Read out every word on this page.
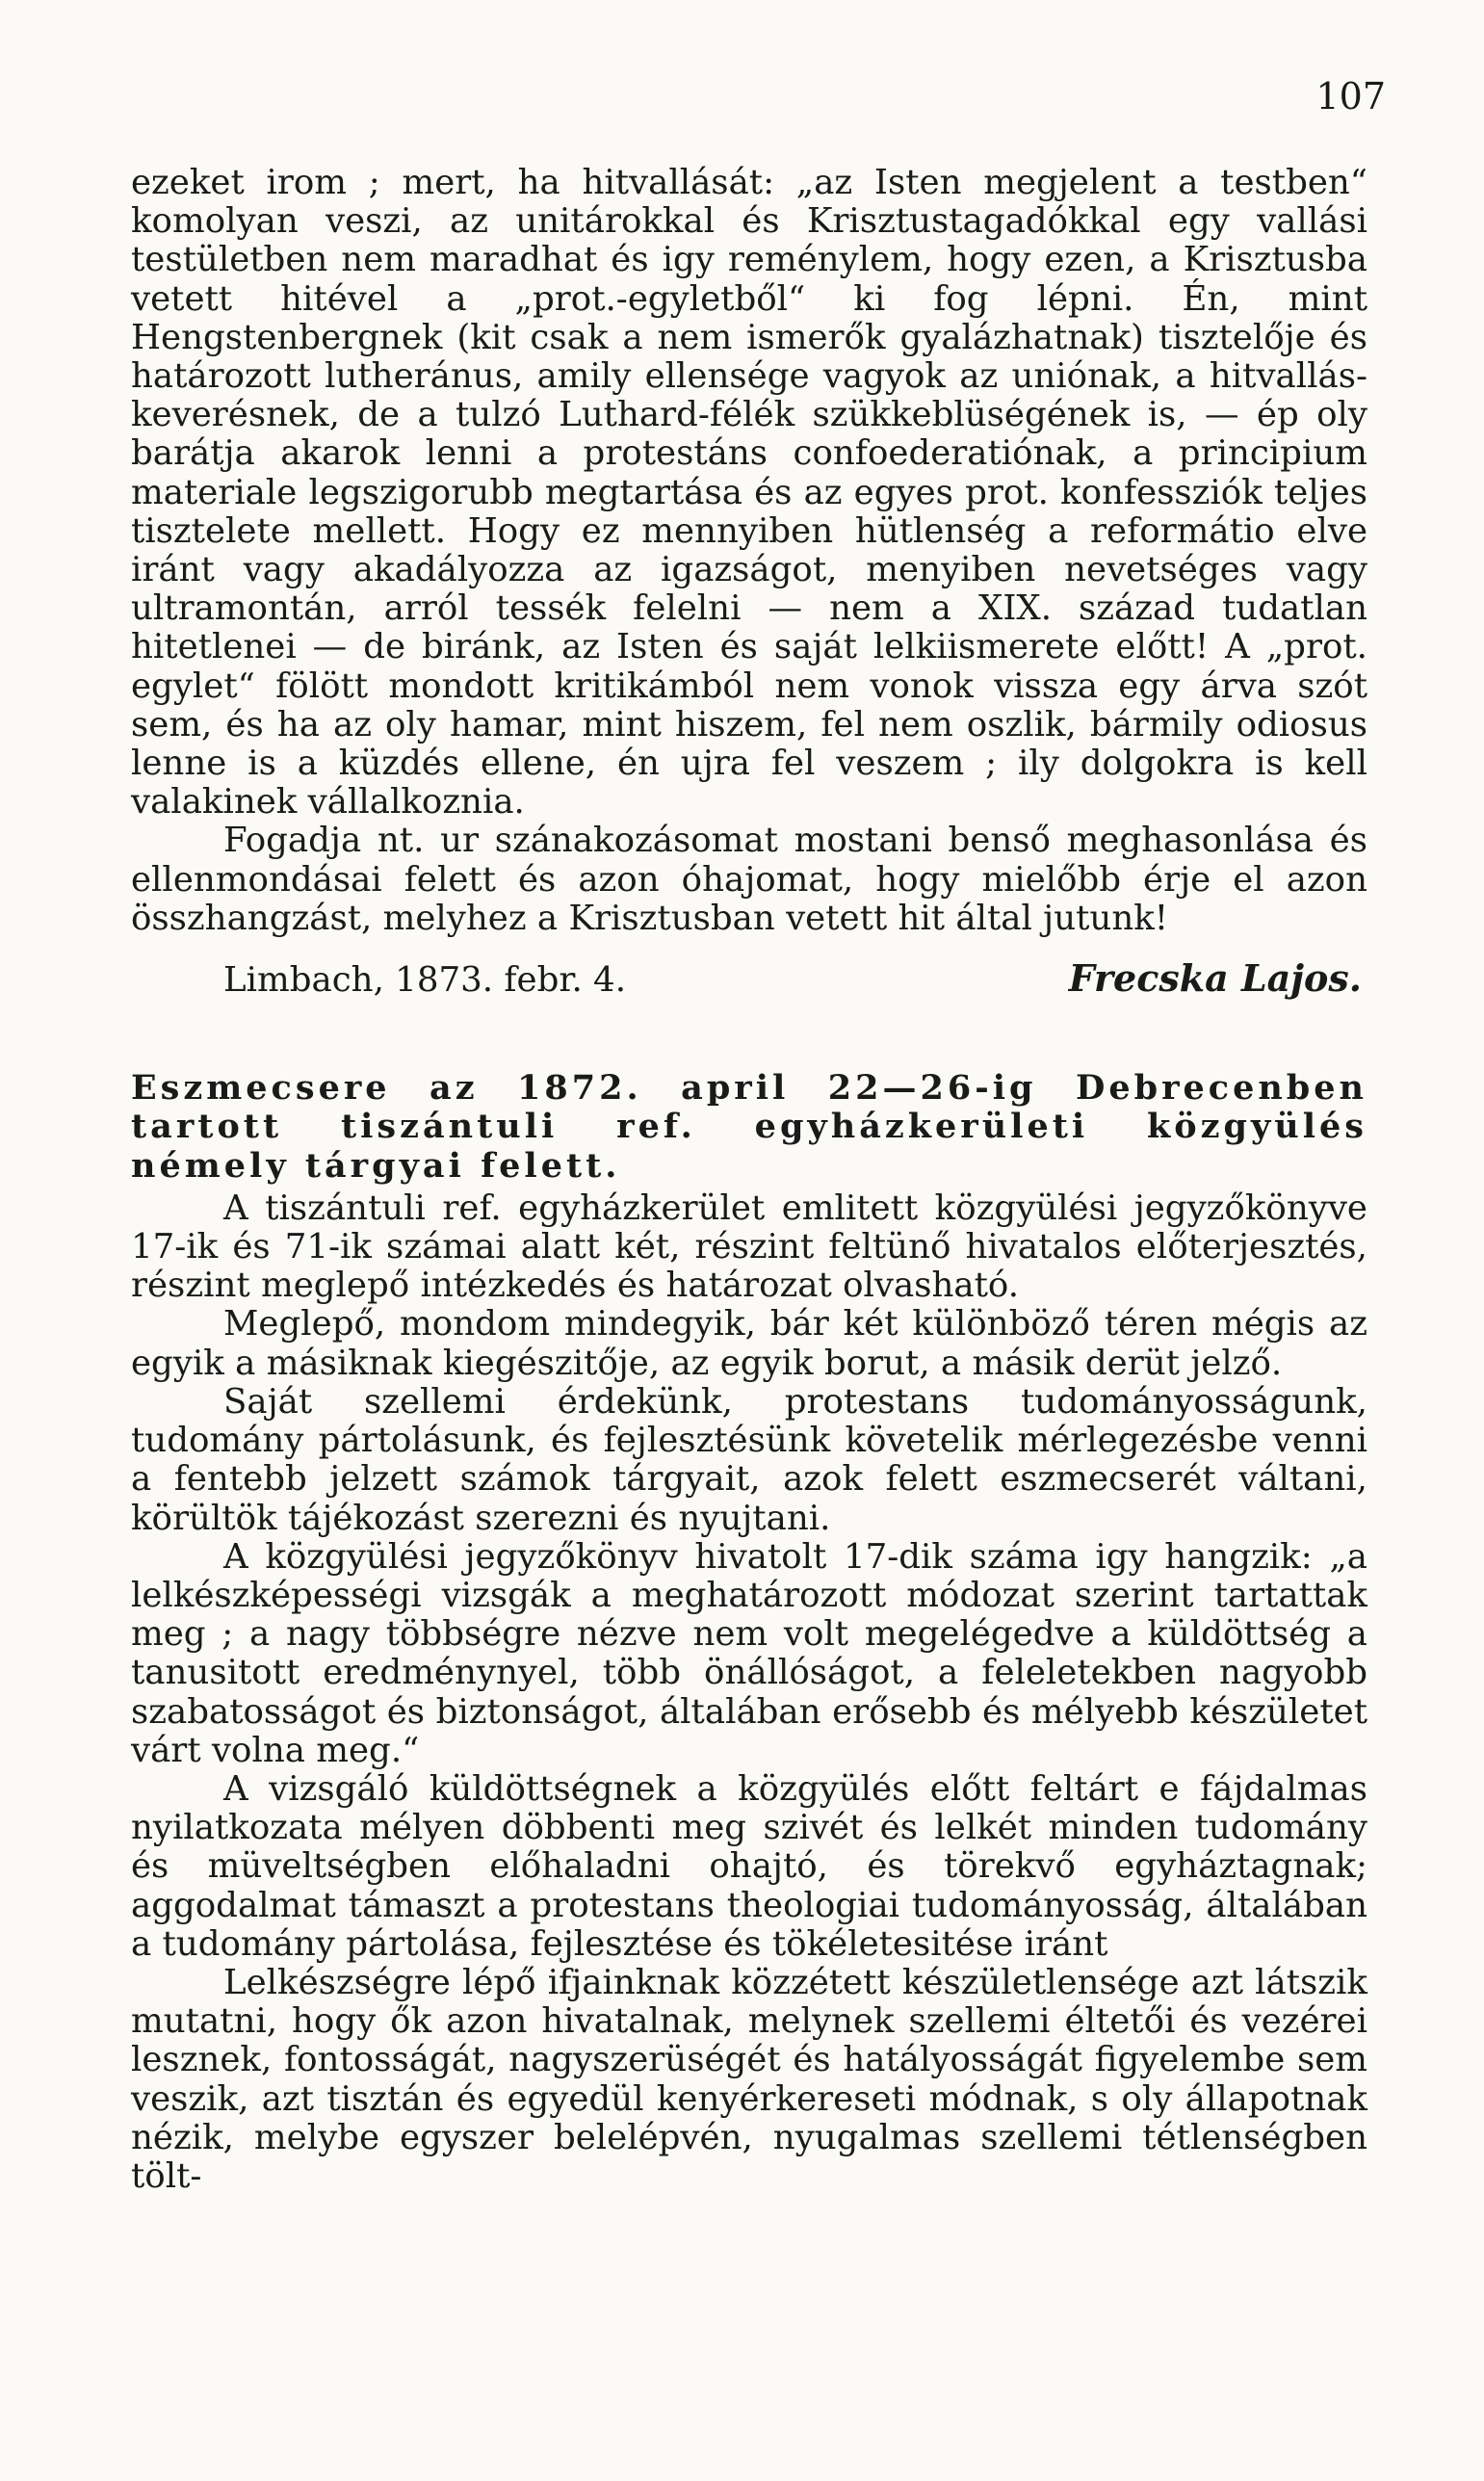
107

ezeket irom ; mert, ha hitvallását: „az Isten megjelent a testben“ komolyan veszi, az unitárokkal és Krisztustagadókkal egy vallási testületben nem maradhat és igy reménylem, hogy ezen, a Krisztusba vetett hitével a „prot.-egyletből“ ki fog lépni. Én, mint Hengstenbergnek (kit csak a nem ismerők gyalázhatnak) tisztelője és határozott lutheránus, amily ellensége vagyok az uniónak, a hitvallás-keverésnek, de a tulzó Luthard-félék szükkeblüségének is, — ép oly barátja akarok lenni a protestáns confoederatiónak, a principium materiale legszigorubb megtartása és az egyes prot. konfessziók teljes tisztelete mellett. Hogy ez mennyiben hütlenség a reformátio elve iránt vagy akadályozza az igazságot, menyiben nevetséges vagy ultramontán, arról tessék felelni — nem a XIX. század tudatlan hitetlenei — de biránk, az Isten és saját lelkiismerete előtt! A „prot. egylet“ fölött mondott kritikámból nem vonok vissza egy árva szót sem, és ha az oly hamar, mint hiszem, fel nem oszlik, bármily odiosus lenne is a küzdés ellene, én ujra fel veszem ; ily dolgokra is kell valakinek vállalkoznia.

Fogadja nt. ur szánakozásomat mostani benső meghasonlása és ellenmondásai felett és azon óhajomat, hogy mielőbb érje el azon összhangzást, melyhez a Krisztusban vetett hit által jutunk!

Limbach, 1873. febr. 4.	Frecska Lajos.
Eszmecsere az 1872. april 22—26-ig Debrecenben tartott tiszántuli ref. egyházkerületi közgyülés némely tárgyai felett.

A tiszántuli ref. egyházkerület emlitett közgyülési jegyzőkönyve 17-ik és 71-ik számai alatt két, részint feltünő hivatalos előterjesztés, részint meglepő intézkedés és határozat olvasható.

Meglepő, mondom mindegyik, bár két különböző téren mégis az egyik a másiknak kiegészitője, az egyik borut, a másik derüt jelző.

Saját szellemi érdekünk, protestans tudományosságunk, tudomány pártolásunk, és fejlesztésünk követelik mérlegezésbe venni a fentebb jelzett számok tárgyait, azok felett eszmecserét váltani, körültök tájékozást szerezni és nyujtani.

A közgyülési jegyzőkönyv hivatolt 17-dik száma igy hangzik: „a lelkészképességi vizsgák a meghatározott módozat szerint tartattak meg ; a nagy többségre nézve nem volt megelégedve a küldöttség a tanusitott eredménynyel, több önállóságot, a feleletekben nagyobb szabatosságot és biztonságot, általában erősebb és mélyebb készületet várt volna meg.“

A vizsgáló küldöttségnek a közgyülés előtt feltárt e fájdalmas nyilatkozata mélyen döbbenti meg szivét és lelkét minden tudomány és müveltségben előhaladni ohajtó, és törekvő egyháztagnak; aggodalmat támaszt a protestans theologiai tudományosság, általában a tudomány pártolása, fejlesztése és tökéletesitése iránt

Lelkészségre lépő ifjainknak közzétett készületlensége azt látszik mutatni, hogy ők azon hivatalnak, melynek szellemi éltetői és vezérei lesznek, fontosságát, nagyszerüségét és hatályosságát figyelembe sem veszik, azt tisztán és egyedül kenyérkereseti módnak, s oly állapotnak nézik, melybe egyszer belelépvén, nyugalmas szellemi tétlenségben tölt-
